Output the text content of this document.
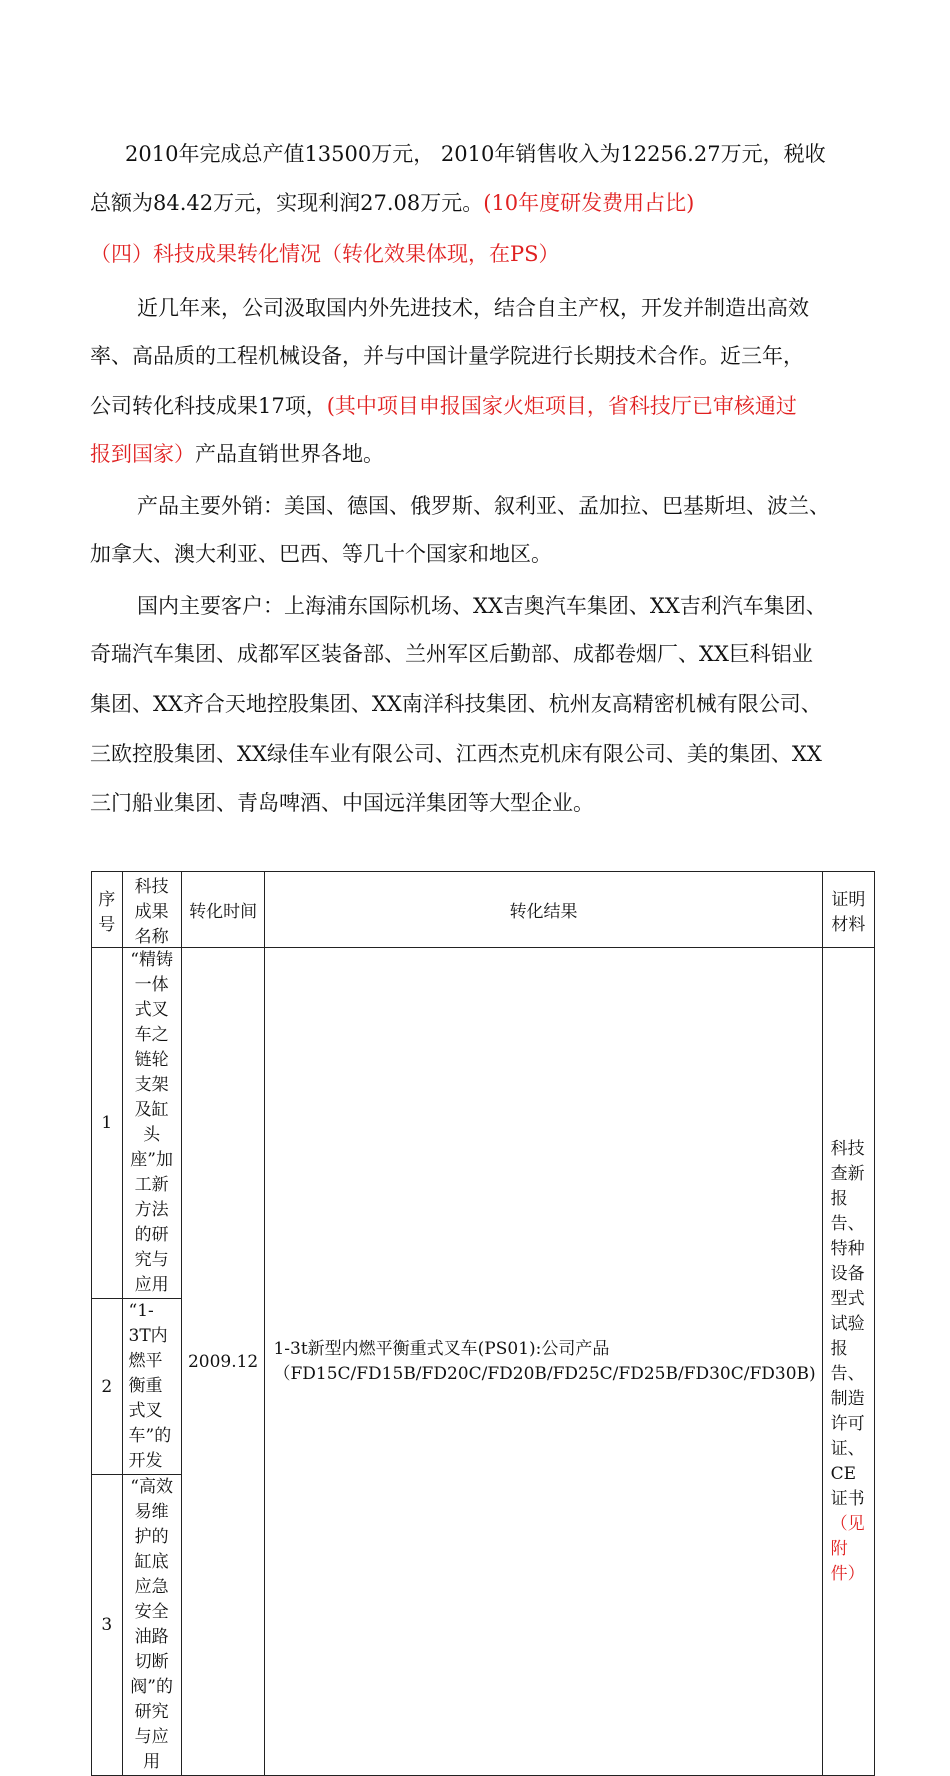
2010年完成总产值13500万元， 2010年销售收入为12256.27万元，税收
总额为84.42万元，实现利润27.08万元。(10年度研发费用占比)
（四）科技成果转化情况（转化效果体现，在PS）
近几年来，公司汲取国内外先进技术，结合自主产权，开发并制造出高效
率、高品质的工程机械设备，并与中国计量学院进行长期技术合作。近三年，
公司转化科技成果17项，(其中项目申报国家火炬项目，省科技厅已审核通过
报到国家）产品直销世界各地。
产品主要外销：美国、德国、俄罗斯、叙利亚、孟加拉、巴基斯坦、波兰、
加拿大、澳大利亚、巴西、等几十个国家和地区。
国内主要客户：上海浦东国际机场、XX吉奥汽车集团、XX吉利汽车集团、
奇瑞汽车集团、成都军区装备部、兰州军区后勤部、成都卷烟厂、XX巨科铝业
集团、XX齐合天地控股集团、XX南洋科技集团、杭州友高精密机械有限公司、
三欧控股集团、XX绿佳车业有限公司、江西杰克机床有限公司、美的集团、XX
三门船业集团、青岛啤酒、中国远洋集团等大型企业。
序号	科技成果名称	转化时间	转化结果	证明材料
1	“精铸一体式叉车之链轮支架及缸头座”加工新方法的研究与应用	2009.12	1-3t新型内燃平衡重式叉车(PS01):公司产品（FD15C/FD15B/FD20C/FD20B/FD25C/FD25B/FD30C/FD30B)	科技查新报告、特种设备型式试验报告、制造许可证、CE证书（见附件）
2	“1-3T内燃平衡重式叉车”的开发			
3	“高效易维护的缸底应急安全油路切断阀”的研究与应用			
